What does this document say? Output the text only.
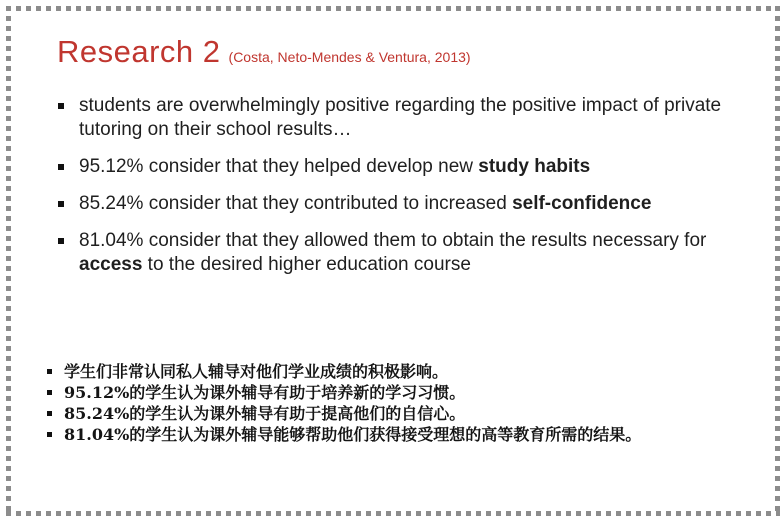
Research 2 (Costa, Neto-Mendes & Ventura, 2013)
students are overwhelmingly positive regarding the positive impact of private tutoring on their school results…
95.12% consider that they helped develop new study habits
85.24% consider that they contributed to increased self-confidence
81.04% consider that they allowed them to obtain the results necessary for access to the desired higher education course
学生们非常认同私人辅导对他们学业成绩的积极影响。
95.12%的学生认为课外辅导有助于培养新的学习习惯。
85.24%的学生认为课外辅导有助于提高他们的自信心。
81.04%的学生认为课外辅导能够帮助他们获得接受理想的高等教育所需的结果。
